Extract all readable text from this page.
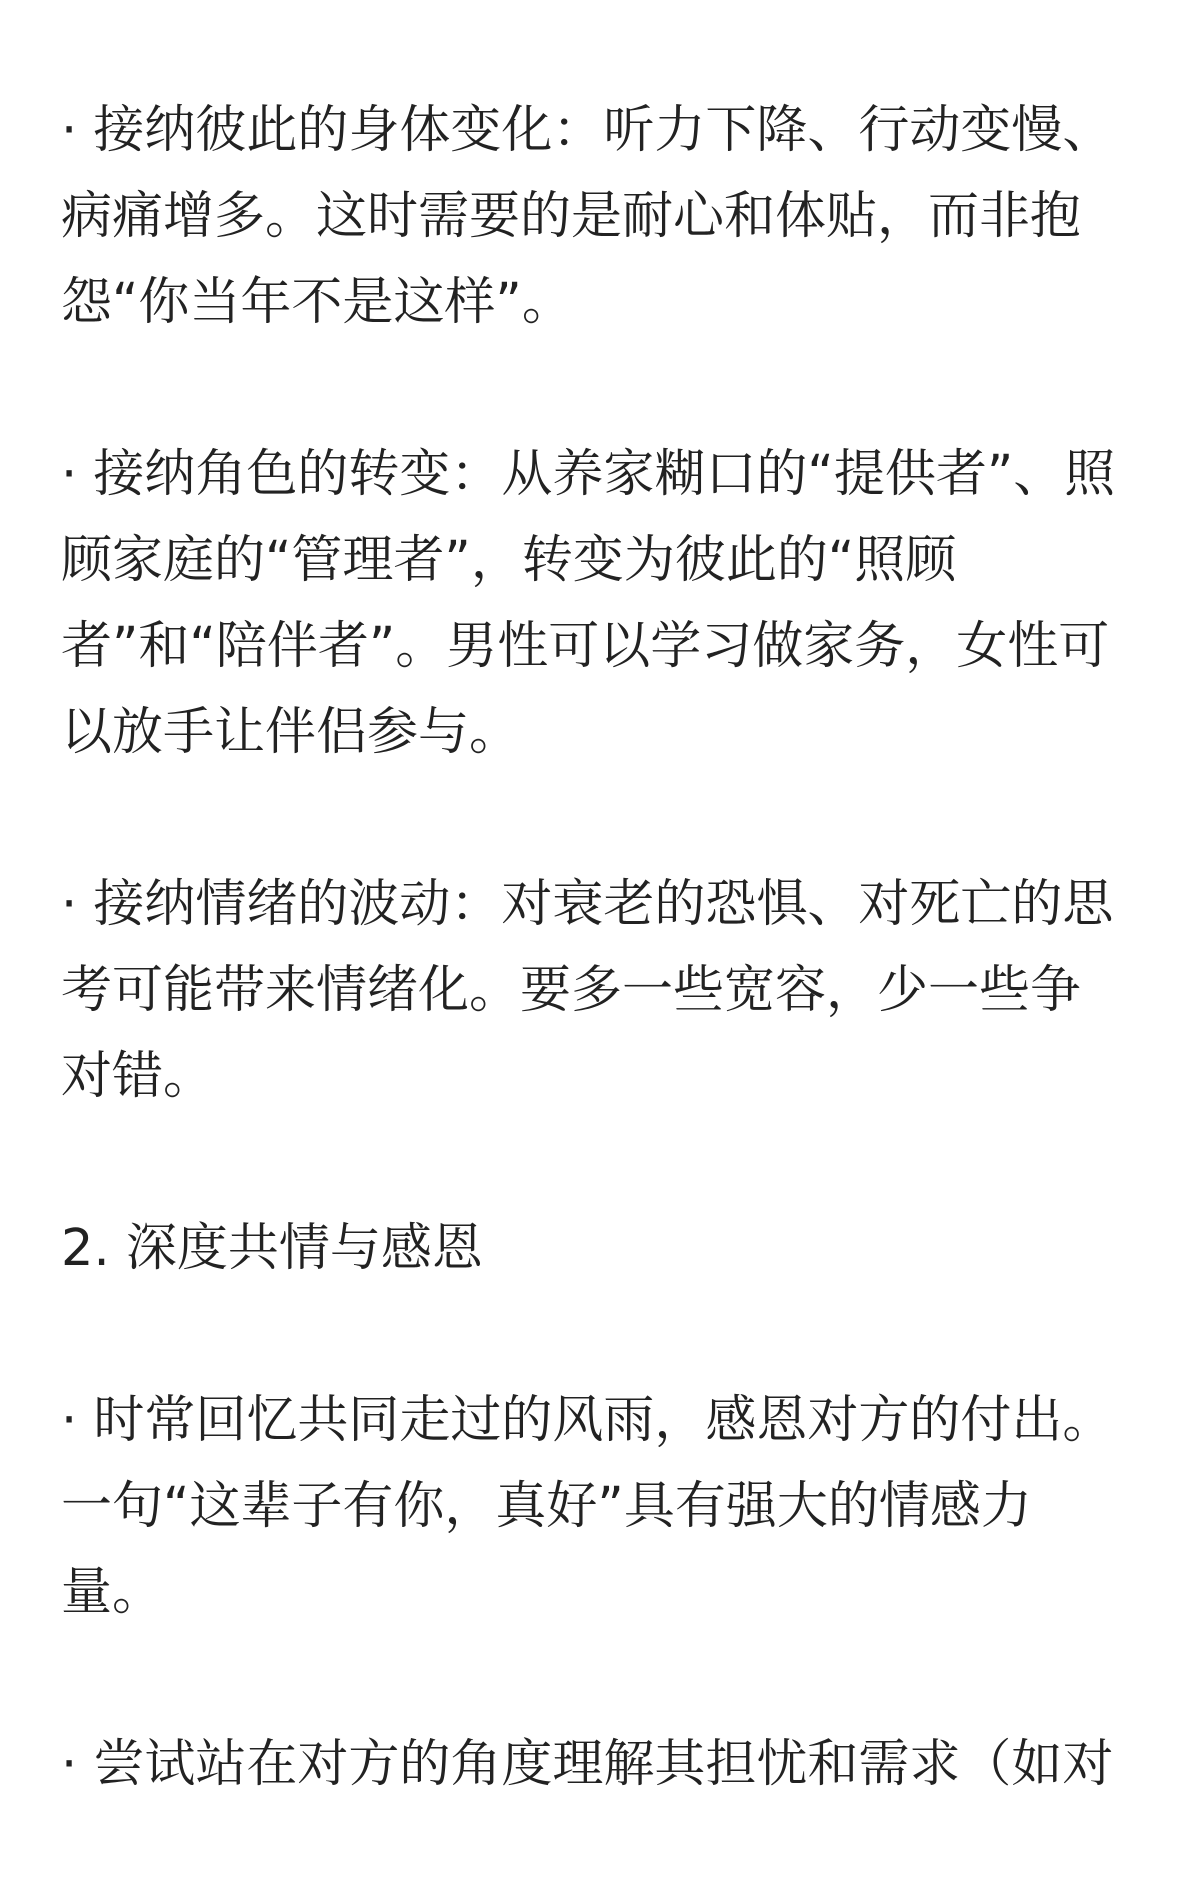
· 接纳彼此的身体变化：听力下降、行动变慢、病痛增多。这时需要的是耐心和体贴，而非抱怨“你当年不是这样”。

· 接纳角色的转变：从养家糊口的“提供者”、照顾家庭的“管理者”，转变为彼此的“照顾者”和“陪伴者”。男性可以学习做家务，女性可以放手让伴侣参与。

· 接纳情绪的波动：对衰老的恐惧、对死亡的思考可能带来情绪化。要多一些宽容，少一些争对错。

2. 深度共情与感恩

· 时常回忆共同走过的风雨，感恩对方的付出。一句“这辈子有你，真好”具有强大的情感力量。

· 尝试站在对方的角度理解其担忧和需求（如对
